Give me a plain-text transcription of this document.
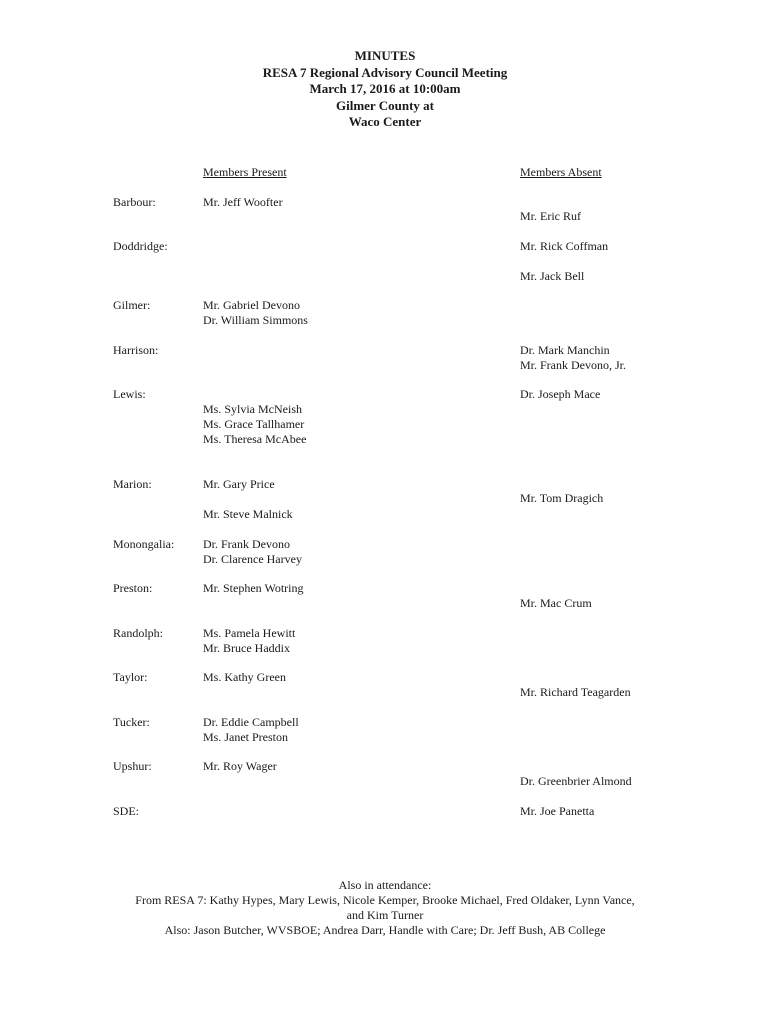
MINUTES
RESA 7 Regional Advisory Council Meeting
March 17, 2016 at 10:00am
Gilmer County at
Waco Center
Members Present	Members Absent
Barbour:
Doddridge:
Gilmer:
Harrison:
Lewis:
Marion:
Monongalia:
Preston:
Randolph:
Taylor:
Tucker:
Upshur:
SDE:
Mr. Jeff Woofter
Mr. Gabriel Devono
Dr. William Simmons
Ms. Sylvia McNeish
Ms. Grace Tallhamer
Ms. Theresa McAbee
Mr. Gary Price
Mr. Steve Malnick
Dr. Frank Devono
Dr. Clarence Harvey
Mr. Stephen Wotring
Ms. Pamela Hewitt
Mr. Bruce Haddix
Ms. Kathy Green
Dr. Eddie Campbell
Ms. Janet Preston
Mr. Roy Wager
Mr. Eric Ruf
Mr. Rick Coffman
Mr. Jack Bell
Dr. Mark Manchin
Mr. Frank Devono, Jr.
Dr. Joseph Mace
Mr. Tom Dragich
Mr. Mac Crum
Mr. Richard Teagarden
Dr. Greenbrier Almond
Mr. Joe Panetta
Also in attendance:
From RESA 7: Kathy Hypes, Mary Lewis, Nicole Kemper, Brooke Michael, Fred Oldaker, Lynn Vance,
and Kim Turner
Also: Jason Butcher, WVSBOE; Andrea Darr, Handle with Care; Dr. Jeff Bush, AB College
